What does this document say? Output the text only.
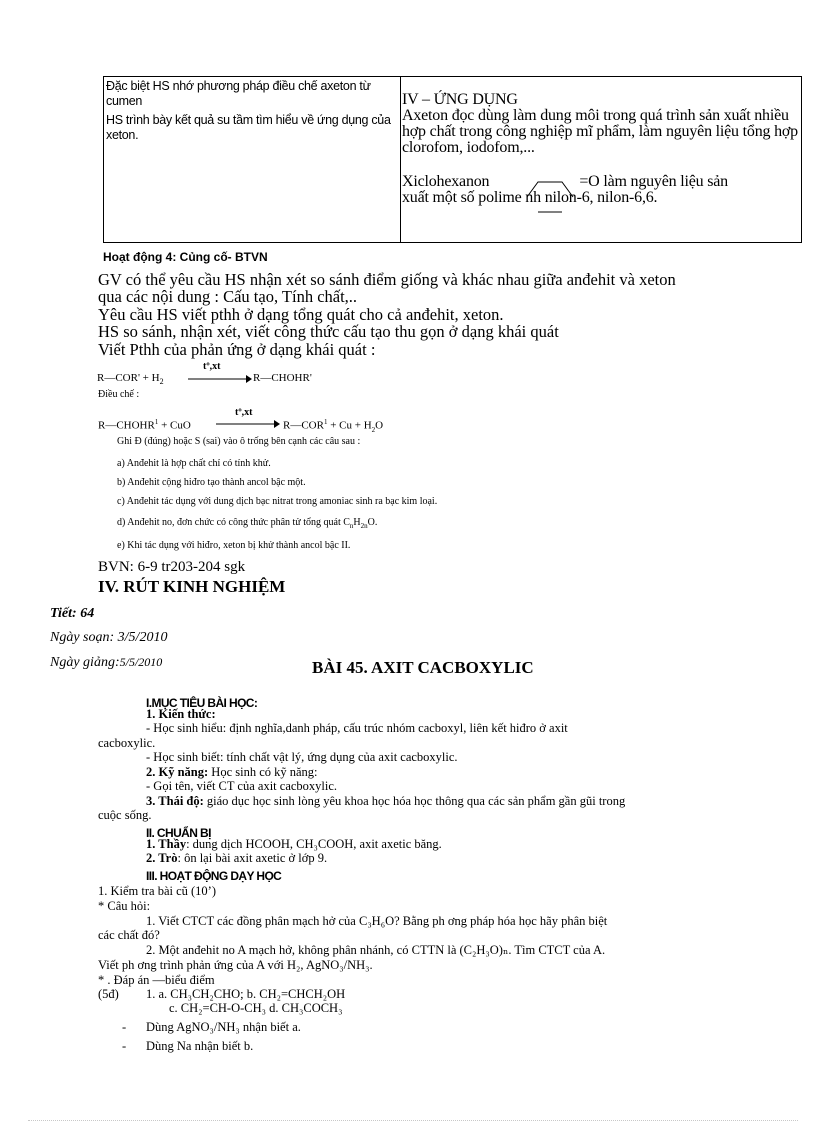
Đặc biệt HS nhớ phương pháp điều chế axeton từ cumen

HS trình bày kết quả su tầm tìm hiểu về ứng dụng của xeton.

IV – ỨNG DỤNG

Axeton đọc dùng làm dung môi trong quá trình sản xuất nhiều hợp chất trong công nghiệp mĩ phẩm, làm nguyên liệu tổng hợp clorofom, iodofom,...

Xiclohexanon	=O làm nguyên liệu sản

xuất một số polime nh nilon-6, nilon-6,6.

Hoạt động 4: Củng cố- BTVN
GV có thể yêu cầu HS nhận xét so sánh điểm giống và khác nhau giữa anđehit và xeton
qua các nội dung : Cấu tạo, Tính chất,..
Yêu cầu HS viết pthh ở dạng tổng quát cho cả anđehit, xeton.
HS so sánh, nhận xét, viết công thức cấu tạo thu gọn ở dạng khái quát
Viết Pthh của phản ứng ở dạng khái quát :
R—COR' + $H_2$
tº,xt
R—CHOHR'
Điều chế :
$R—CHOHR^1$ + CuO
tº,xt
$R—COR^1 + Cu + H_2O$
Ghi Đ (đúng) hoặc S (sai) vào ô trống bên cạnh các câu sau :
a) Anđehit là hợp chất chỉ có tính khử.
b) Anđehit cộng hiđro tạo thành ancol bậc một.
c) Anđehit tác dụng với dung dịch bạc nitrat trong amoniac sinh ra bạc kim loại.
d) Anđehit no, đơn chức có công thức phân tử tổng quát $C_nH_{2n}O$.
e) Khi tác dụng với hiđro, xeton bị khử thành ancol bậc II.
BVN: 6-9 tr203-204 sgk
IV. RÚT KINH NGHIỆM
Tiết: 64
Ngày soạn: 3/5/2010
Ngày giảng:5/5/2010	BÀI 45. AXIT CACBOXYLIC
I.MỤC TIÊU BÀI HỌC:
1. Kiến thức:
- Học sinh hiểu: định nghĩa,danh pháp, cấu trúc nhóm cacboxyl, liên kết hiđro ở axit
cacboxylic.
- Học sinh biết: tính chất vật lý, ứng dụng của axit cacboxylic.
2. Kỹ năng: Học sinh có kỹ năng:
- Gọi tên, viết CT của axit cacboxylic.
3. Thái độ: giáo dục học sinh lòng yêu khoa học hóa học thông qua các sản phẩm gần gũi trong
cuộc sống.
II. CHUẨN BỊ
1. Thầy: dung dịch HCOOH, CH₃COOH, axit axetic băng.
2. Trò: ôn lại bài axit axetic ở lớp 9.
III. HOẠT ĐỘNG DẠY HỌC
1. Kiểm tra bài cũ (10’)
* Câu hỏi:
1. Viết CTCT các đồng phân mạch hở của C₃H₆O? Bằng ph ơng pháp hóa học hãy phân biệt
các chất đó?
2. Một anđehit no A mạch hở, không phân nhánh, có CTTN là (C₂H₃O)ₙ. Tìm CTCT của A.
Viết ph ơng trình phản ứng của A với H₂, AgNO₃/NH₃.
* . Đáp án —biểu điểm
(5đ) 1. a. CH₃CH₂CHO; b. CH₂=CHCH₂OH
c. CH₂=CH-O-CH₃ d. CH₃COCH₃
- Dùng AgNO₃/NH₃ nhận biết a.
- Dùng Na nhận biết b.
